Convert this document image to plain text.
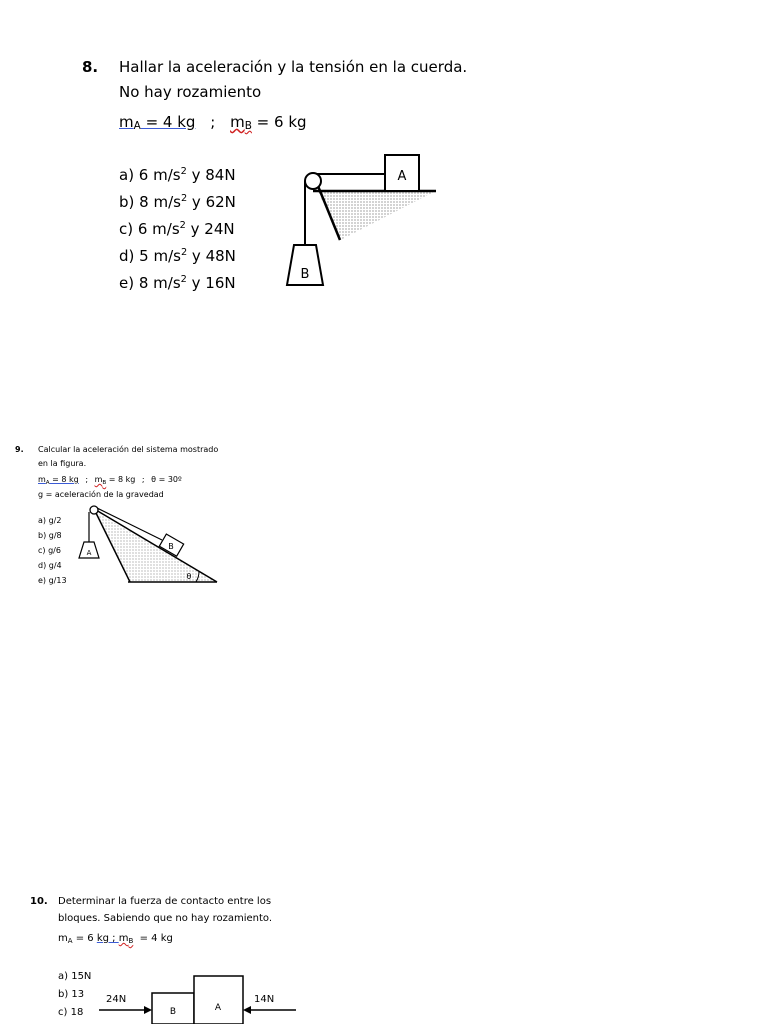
8. Hallar la aceleración y la tensión en la cuerda.
No hay rozamiento
mA = 4 kg ; mB = 6 kg
a) 6 $m/s^2$ y 84N
b) 8 $m/s^2$ y 62N
c) 6 $m/s^2$ y 24N
d) 5 $m/s^2$ y 48N
e) 8 $m/s^2$ y 16N
A
B
9. Calcular la aceleración del sistema mostrado
en la figura.
$m_A = 8$ kg ; $m_B = 8$ kg ; θ = 30º
g = aceleración de la gravedad
a) g/2
b) g/8
c) g/6
d) g/4
e) g/13
B
A
θ
10. Determinar la fuerza de contacto entre los
bloques. Sabiendo que no hay rozamiento.
$m_A = 6$ kg ; $m_B = 4$ kg
a) 15N
b) 13
c) 18
24N	14N
B	A
